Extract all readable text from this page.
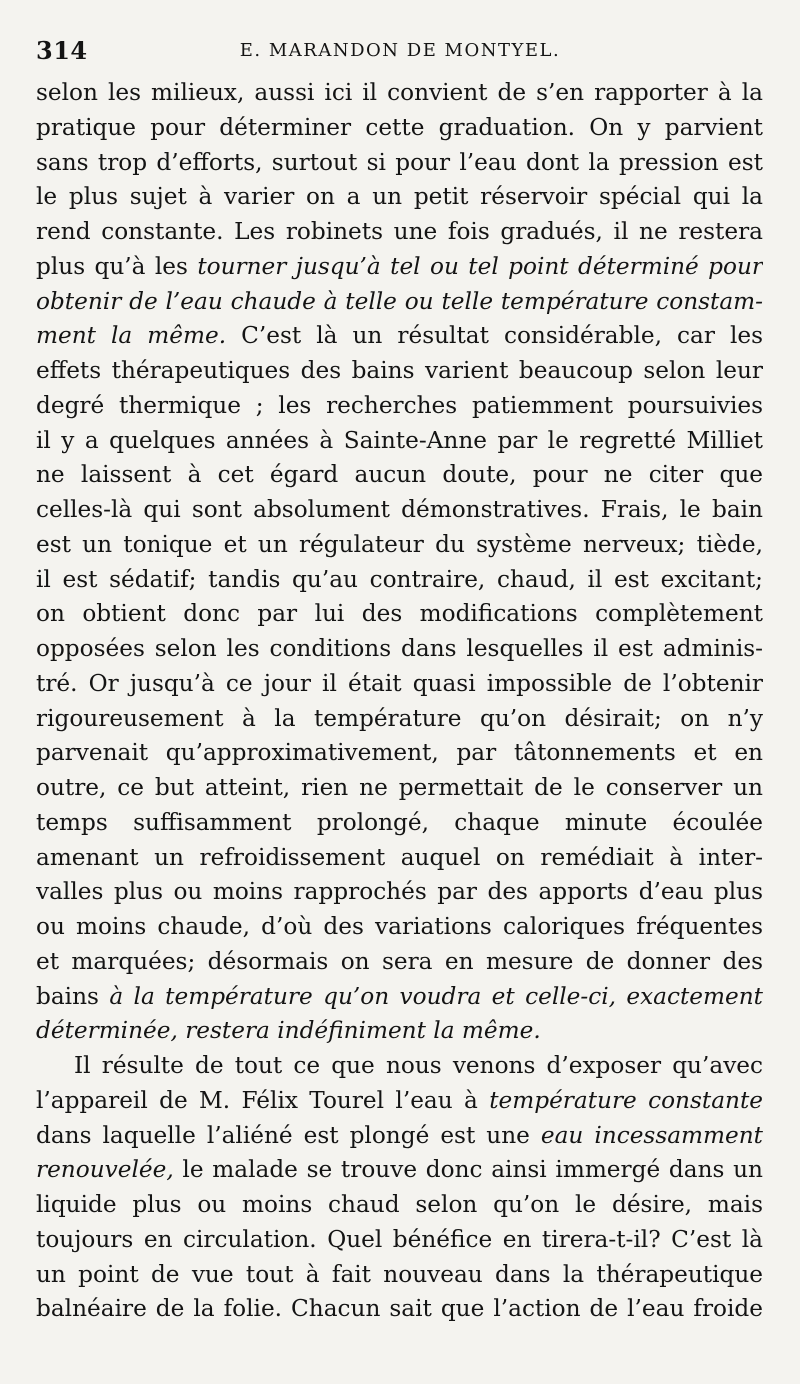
314	E. MARANDON DE MONTYEL.
selon les milieux, aussi ici il convient de s’en rapporter à la
pratique pour déterminer cette graduation. On y parvient
sans trop d’efforts, surtout si pour l’eau dont la pression est
le plus sujet à varier on a un petit réservoir spécial qui la
rend constante. Les robinets une fois gradués, il ne restera
plus qu’à les tourner jusqu’à tel ou tel point déterminé pour
obtenir de l’eau chaude à telle ou telle température constam-
ment la même. C’est là un résultat considérable, car les
effets thérapeutiques des bains varient beaucoup selon leur
degré thermique ; les recherches patiemment poursuivies
il y a quelques années à Sainte-Anne par le regretté Milliet
ne laissent à cet égard aucun doute, pour ne citer que
celles-là qui sont absolument démonstratives. Frais, le bain
est un tonique et un régulateur du système nerveux; tiède,
il est sédatif; tandis qu’au contraire, chaud, il est excitant;
on obtient donc par lui des modifications complètement
opposées selon les conditions dans lesquelles il est adminis-
tré. Or jusqu’à ce jour il était quasi impossible de l’obtenir
rigoureusement à la température qu’on désirait; on n’y
parvenait qu’approximativement, par tâtonnements et en
outre, ce but atteint, rien ne permettait de le conserver un
temps suffisamment prolongé, chaque minute écoulée
amenant un refroidissement auquel on remédiait à inter-
valles plus ou moins rapprochés par des apports d’eau plus
ou moins chaude, d’où des variations caloriques fréquentes
et marquées; désormais on sera en mesure de donner des
bains à la température qu’on voudra et celle-ci, exactement
déterminée, restera indéfiniment la même.
Il résulte de tout ce que nous venons d’exposer qu’avec
l’appareil de M. Félix Tourel l’eau à température constante
dans laquelle l’aliéné est plongé est une eau incessamment
renouvelée, le malade se trouve donc ainsi immergé dans un
liquide plus ou moins chaud selon qu’on le désire, mais
toujours en circulation. Quel bénéfice en tirera-t-il? C’est là
un point de vue tout à fait nouveau dans la thérapeutique
balnéaire de la folie. Chacun sait que l’action de l’eau froide
